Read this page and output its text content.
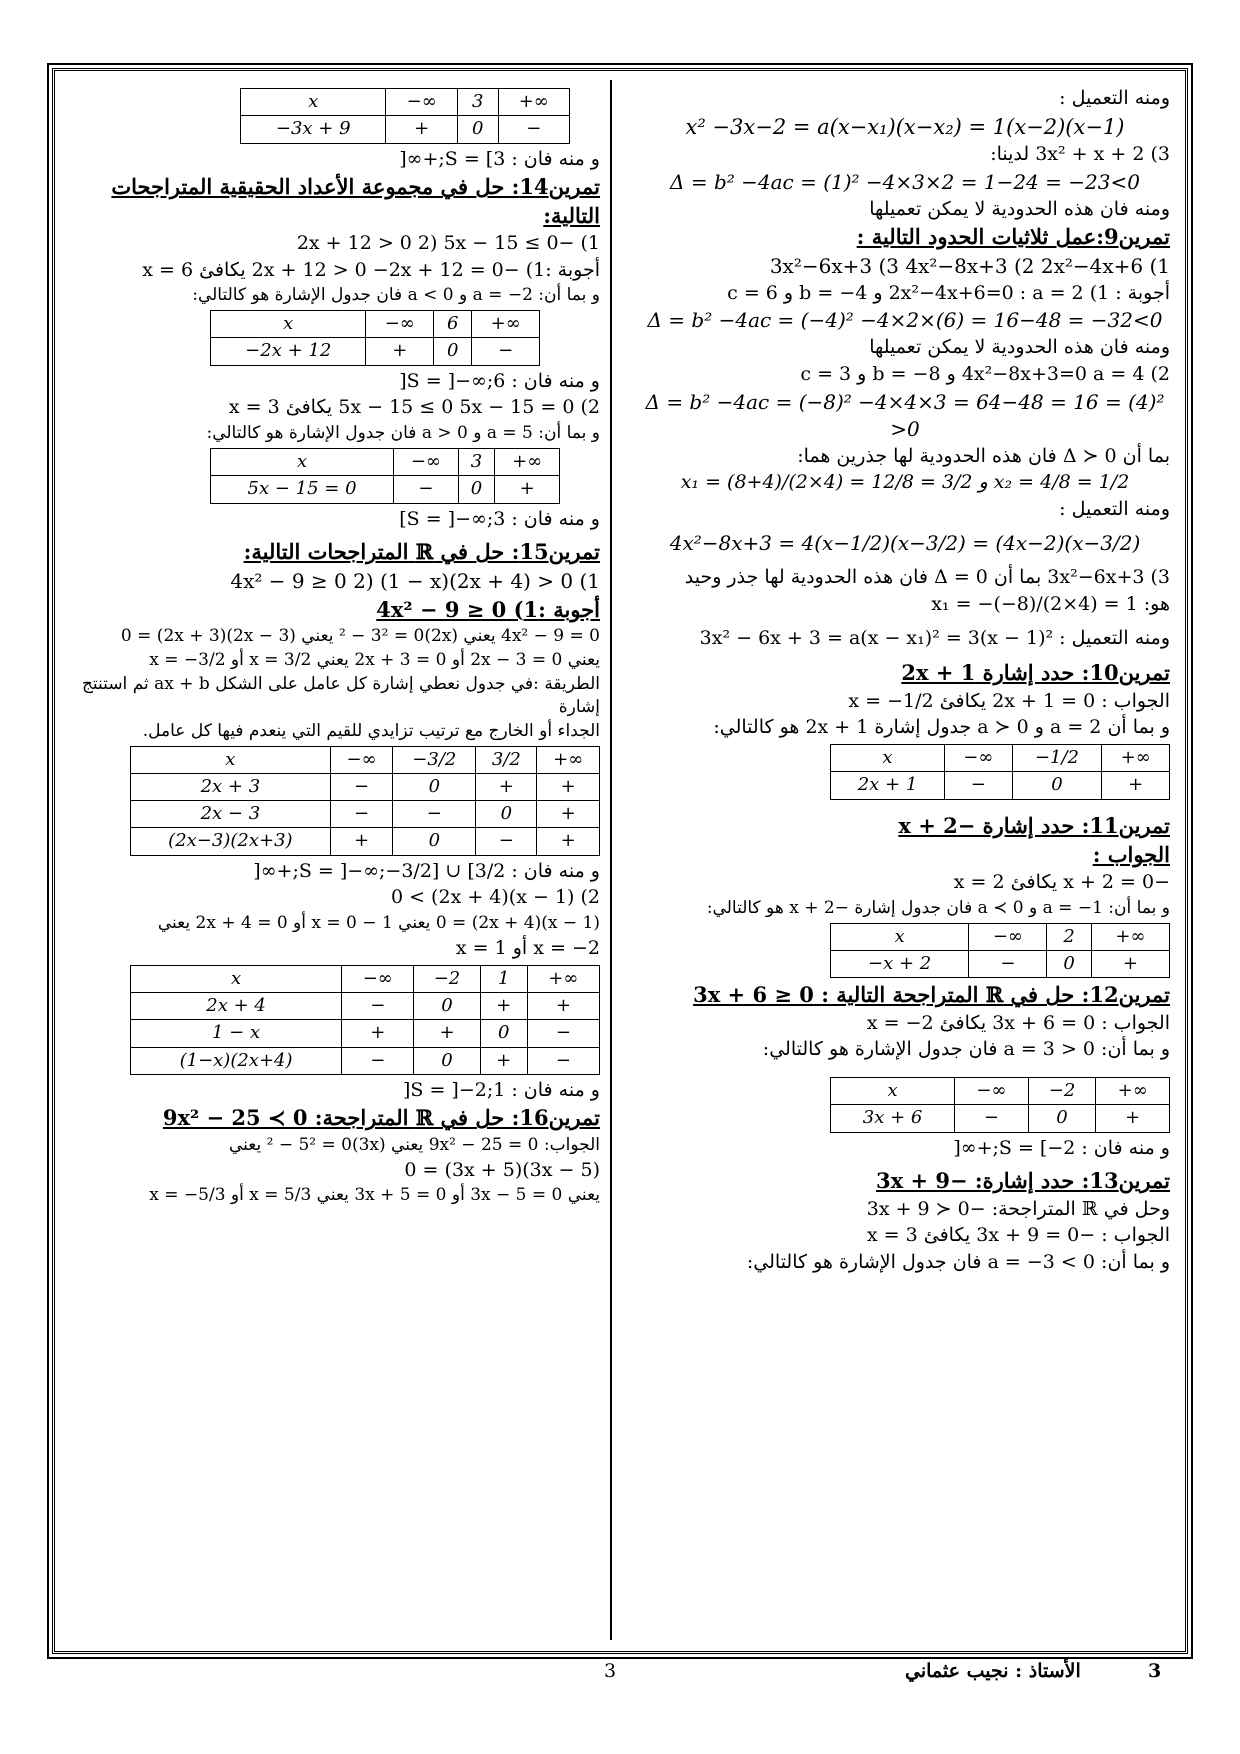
ومنه التعميل :
x² −3x−2 = a(x−x₁)(x−x₂) = 1(x−2)(x−1)
3) 3x² + x + 2 لدينا:
Δ = b² −4ac = (1)² −4×3×2 = 1−24 = −23<0
ومنه فان هذه الحدودية لا يمكن تعميلها
تمرين9:عمل ثلاثيات الحدود التالية :
3x²−6x+3 (3 4x²−8x+3 (2 2x²−4x+6 (1
أجوبة : 1) 2x²−4x+6=0 : a = 2 و b = −4 و c = 6
Δ = b² −4ac = (−4)² −4×2×(6) = 16−48 = −32<0
ومنه فان هذه الحدودية لا يمكن تعميلها
2) 4x²−8x+3=0 a = 4 و b = −8 و c = 3
Δ = b² −4ac = (−8)² −4×4×3 = 64−48 = 16 = (4)² >0
بما أن Δ ≻ 0 فان هذه الحدودية لها جذرين هما:
x₁ = (8+4)/(2×4) = 12/8 = 3/2 و x₂ = 4/8 = 1/2
ومنه التعميل :
4x²−8x+3 = 4(x−1/2)(x−3/2) = (4x−2)(x−3/2)
3) 3x²−6x+3 بما أن Δ = 0 فان هذه الحدودية لها جذر وحيد
هو: x₁ = −(−8)/(2×4) = 1
ومنه التعميل : 3x² − 6x + 3 = a(x − x₁)² = 3(x − 1)²
تمرين10: حدد إشارة 2x + 1
الجواب : 2x + 1 = 0 يكافئ x = −1/2
و بما أن a = 2 و a ≻ 0 جدول إشارة 2x + 1 هو كالتالي:
x	−∞	−1/2	+∞
2x + 1	−	0	+
تمرين11: حدد إشارة −x + 2
الجواب :
−x + 2 = 0 يكافئ x = 2
و بما أن: a = −1 و a ≺ 0 فان جدول إشارة −x + 2 هو كالتالي:
x	−∞	2	+∞
−x + 2	−	0	+
تمرين12: حل في ℝ المتراجحة التالية : 3x + 6 ≥ 0
الجواب : 3x + 6 = 0 يكافئ x = −2
و بما أن: a = 3 > 0 فان جدول الإشارة هو كالتالي:
x	−∞	−2	+∞
3x + 6	−	0	+
و منه فان : S = [−2;+∞[
تمرين13: حدد إشارة: −3x + 9
وحل في ℝ المتراجحة: −3x + 9 ≻ 0
الجواب : −3x + 9 = 0 يكافئ x = 3
و بما أن: a = −3 < 0 فان جدول الإشارة هو كالتالي:
x	−∞	3	+∞
−3x + 9	+	0	−
و منه فان : S = [3;+∞[
تمرين14: حل في مجموعة الأعداد الحقيقية المتراجحات التالية:
1) −2x + 12 > 0 2) 5x − 15 ≤ 0
أجوبة :1) −2x + 12 > 0 −2x + 12 = 0 يكافئ x = 6
و بما أن: a = −2 و a < 0 فان جدول الإشارة هو كالتالي:
x	−∞	6	+∞
−2x + 12	+	0	−
و منه فان : S = ]−∞;6[
2) 5x − 15 ≤ 0 5x − 15 = 0 يكافئ x = 3
و بما أن: a = 5 و a > 0 فان جدول الإشارة هو كالتالي:
x	−∞	3	+∞
5x − 15 = 0	−	0	+
و منه فان : S = ]−∞;3]
تمرين15: حل في ℝ المتراجحات التالية:
1) 4x² − 9 ≥ 0 2) (1 − x)(2x + 4) > 0
أجوبة :1) 4x² − 9 ≥ 0
4x² − 9 = 0 يعني (2x)² − 3² = 0 يعني (2x − 3)(2x + 3) = 0
يعني 2x − 3 = 0 أو 2x + 3 = 0 يعني x = 3/2 أو x = −3/2
الطريقة :في جدول نعطي إشارة كل عامل على الشكل ax + b ثم استنتج إشارة
الجداء أو الخارج مع ترتيب تزايدي للقيم التي ينعدم فيها كل عامل.
x	−∞	−3/2	3/2	+∞
2x + 3	−	0	+	+
2x − 3	−	−	0	+
(2x−3)(2x+3)	+	0	−	+
و منه فان : S = ]−∞;−3/2] ∪ [3/2;+∞[
2) (1 − x)(2x + 4) > 0
(1 − x)(2x + 4) = 0 يعني 1 − x = 0 أو 2x + 4 = 0 يعني
x = −2 أو x = 1
x	−∞	−2	1	+∞
2x + 4	−	0	+	+
1 − x	+	+	0	−
(1−x)(2x+4)	−	0	+	−
و منه فان : S = ]−2;1[
تمرين16: حل في ℝ المتراجحة: 9x² − 25 ≺ 0
الجواب: 9x² − 25 = 0 يعني (3x)² − 5² = 0 يعني
(3x − 5)(3x + 5) = 0
يعني 3x − 5 = 0 أو 3x + 5 = 0 يعني x = 5/3 أو x = −5/3
3	الأستاذ : نجيب عثماني	3
